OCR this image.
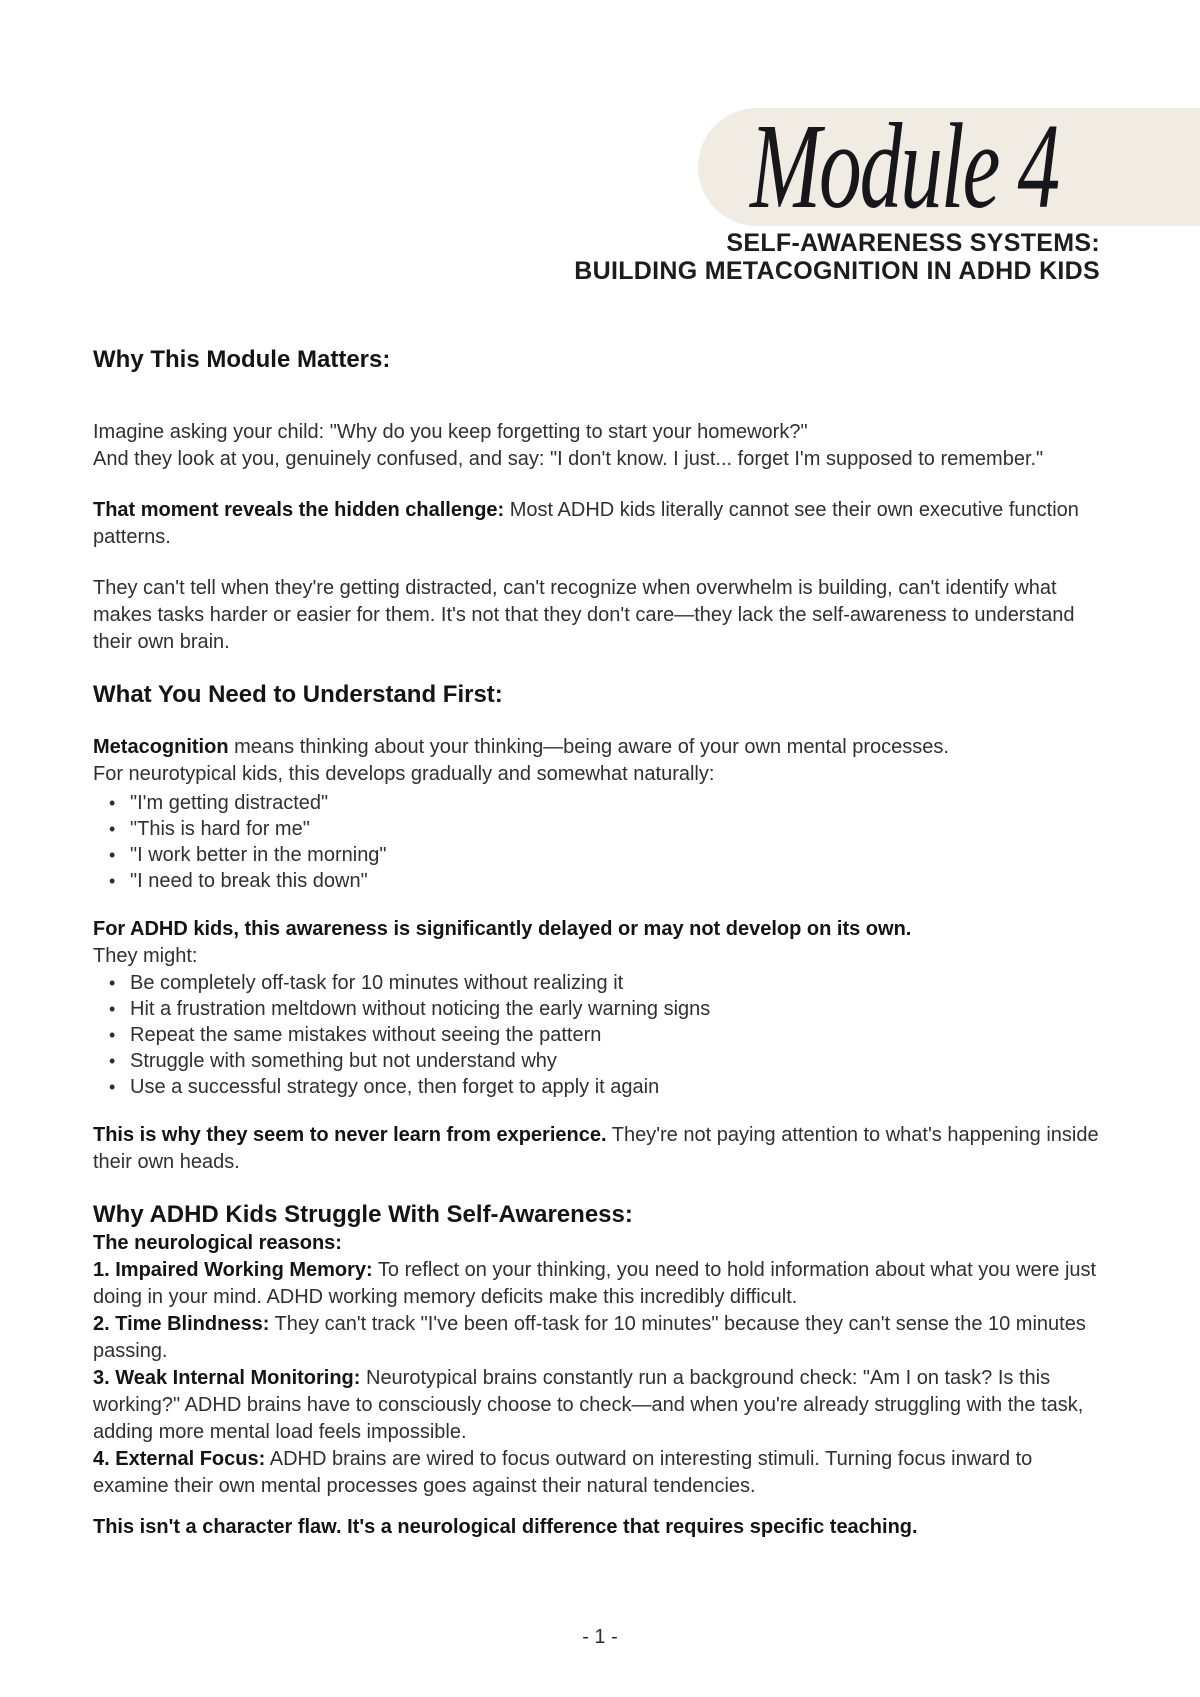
Module 4
SELF-AWARENESS SYSTEMS:
BUILDING METACOGNITION IN ADHD KIDS
Why This Module Matters:

Imagine asking your child: "Why do you keep forgetting to start your homework?"
And they look at you, genuinely confused, and say: "I don't know. I just... forget I'm supposed to remember."

That moment reveals the hidden challenge: Most ADHD kids literally cannot see their own executive function patterns.

They can't tell when they're getting distracted, can't recognize when overwhelm is building, can't identify what makes tasks harder or easier for them. It's not that they don't care—they lack the self-awareness to understand their own brain.

What You Need to Understand First:

Metacognition means thinking about your thinking—being aware of your own mental processes.
For neurotypical kids, this develops gradually and somewhat naturally:

• "I'm getting distracted"
• "This is hard for me"
• "I work better in the morning"
• "I need to break this down"

For ADHD kids, this awareness is significantly delayed or may not develop on its own.
They might:

• Be completely off-task for 10 minutes without realizing it
• Hit a frustration meltdown without noticing the early warning signs
• Repeat the same mistakes without seeing the pattern
• Struggle with something but not understand why
• Use a successful strategy once, then forget to apply it again

This is why they seem to never learn from experience. They're not paying attention to what's happening inside their own heads.

Why ADHD Kids Struggle With Self-Awareness:

The neurological reasons:

1. Impaired Working Memory: To reflect on your thinking, you need to hold information about what you were just doing in your mind. ADHD working memory deficits make this incredibly difficult.

2. Time Blindness: They can't track "I've been off-task for 10 minutes" because they can't sense the 10 minutes passing.

3. Weak Internal Monitoring: Neurotypical brains constantly run a background check: "Am I on task? Is this working?" ADHD brains have to consciously choose to check—and when you're already struggling with the task, adding more mental load feels impossible.

4. External Focus: ADHD brains are wired to focus outward on interesting stimuli. Turning focus inward to examine their own mental processes goes against their natural tendencies.

This isn't a character flaw. It's a neurological difference that requires specific teaching.

- 1 -
